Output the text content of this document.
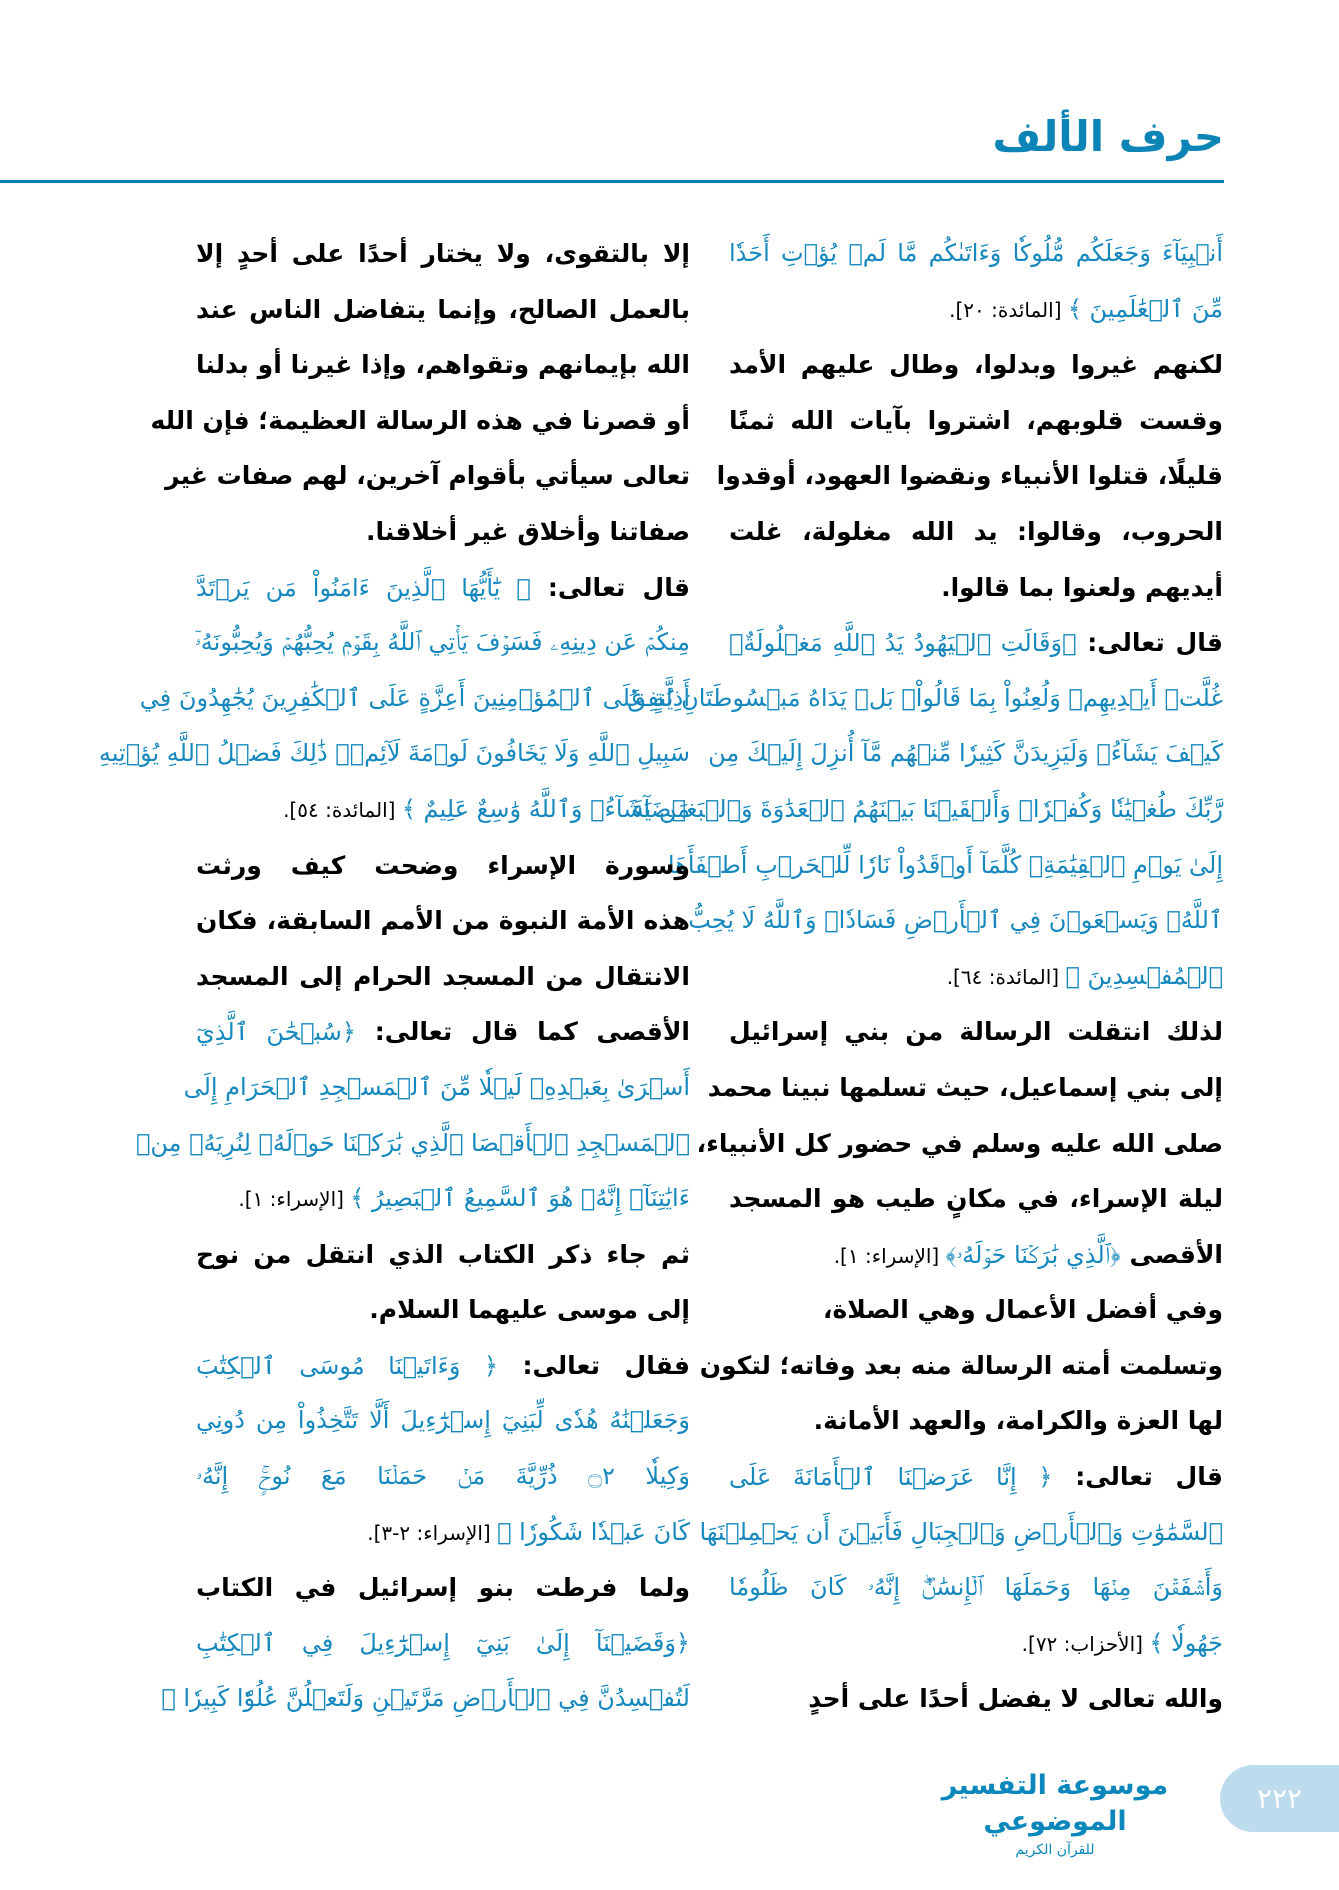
حرف الألف
أَنۢبِيَآءَ وَجَعَلَكُم مُّلُوكٗا وَءَاتَىٰكُم مَّا لَمۡ يُؤۡتِ أَحَدٗا
مِّنَ ٱلۡعَٰلَمِينَ ﴾ [المائدة: ٢٠].
لكنهم غيروا وبدلوا، وطال عليهم الأمد
وقست قلوبهم، اشتروا بآيات الله ثمنًا
قليلًا، قتلوا الأنبياء ونقضوا العهود، أوقدوا
الحروب، وقالوا: يد الله مغلولة، غلت
أيديهم ولعنوا بما قالوا.
قال تعالى: ﴿وَقَالَتِ ٱلۡيَهُودُ يَدُ ٱللَّهِ مَغۡلُولَةٌۚ
غُلَّتۡ أَيۡدِيهِمۡ وَلُعِنُواْ بِمَا قَالُواْۘ بَلۡ يَدَاهُ مَبۡسُوطَتَانِ يُنفِقُ
كَيۡفَ يَشَآءُۚ وَلَيَزِيدَنَّ كَثِيرٗا مِّنۡهُم مَّآ أُنزِلَ إِلَيۡكَ مِن
رَّبِّكَ طُغۡيَٰنٗا وَكُفۡرٗاۚ وَأَلۡقَيۡنَا بَيۡنَهُمُ ٱلۡعَدَٰوَةَ وَٱلۡبَغۡضَآءَ
إِلَىٰ يَوۡمِ ٱلۡقِيَٰمَةِۚ كُلَّمَآ أَوۡقَدُواْ نَارٗا لِّلۡحَرۡبِ أَطۡفَأَهَا
ٱللَّهُۚ وَيَسۡعَوۡنَ فِي ٱلۡأَرۡضِ فَسَادٗاۚ وَٱللَّهُ لَا يُحِبُّ
ٱلۡمُفۡسِدِينَ ﴾ [المائدة: ٦٤].
لذلك انتقلت الرسالة من بني إسرائيل
إلى بني إسماعيل، حيث تسلمها نبينا محمد
صلى الله عليه وسلم في حضور كل الأنبياء،
ليلة الإسراء، في مكانٍ طيب هو المسجد
الأقصى ﴿ٱلَّذِي بَٰرَكۡنَا حَوۡلَهُۥ﴾ [الإسراء: ١].
وفي أفضل الأعمال وهي الصلاة،
وتسلمت أمته الرسالة منه بعد وفاته؛ لتكون
لها العزة والكرامة، والعهد الأمانة.
قال تعالى: ﴿ إِنَّا عَرَضۡنَا ٱلۡأَمَانَةَ عَلَى
ٱلسَّمَٰوَٰتِ وَٱلۡأَرۡضِ وَٱلۡجِبَالِ فَأَبَيۡنَ أَن يَحۡمِلۡنَهَا
وَأَشۡفَقۡنَ مِنۡهَا وَحَمَلَهَا ٱلۡإِنسَٰنُۖ إِنَّهُۥ كَانَ ظَلُومٗا
جَهُولٗا ﴾ [الأحزاب: ٧٢].
والله تعالى لا يفضل أحدًا على أحدٍ
إلا بالتقوى، ولا يختار أحدًا على أحدٍ إلا
بالعمل الصالح، وإنما يتفاضل الناس عند
الله بإيمانهم وتقواهم، وإذا غيرنا أو بدلنا
أو قصرنا في هذه الرسالة العظيمة؛ فإن الله
تعالى سيأتي بأقوام آخرين، لهم صفات غير
صفاتنا وأخلاق غير أخلاقنا.
قال تعالى: ﴿ يَٰٓأَيُّهَا ٱلَّذِينَ ءَامَنُواْ مَن يَرۡتَدَّ
مِنكُمۡ عَن دِينِهِۦ فَسَوۡفَ يَأۡتِي ٱللَّهُ بِقَوۡمٖ يُحِبُّهُمۡ وَيُحِبُّونَهُۥٓ
أَذِلَّةٍ عَلَى ٱلۡمُؤۡمِنِينَ أَعِزَّةٍ عَلَى ٱلۡكَٰفِرِينَ يُجَٰهِدُونَ فِي
سَبِيلِ ٱللَّهِ وَلَا يَخَافُونَ لَوۡمَةَ لَآئِمٖۚ ذَٰلِكَ فَضۡلُ ٱللَّهِ يُؤۡتِيهِ
مَن يَشَآءُۚ وَٱللَّهُ وَٰسِعٌ عَلِيمٌ ﴾ [المائدة: ٥٤].
وسورة الإسراء وضحت كيف ورثت
هذه الأمة النبوة من الأمم السابقة، فكان
الانتقال من المسجد الحرام إلى المسجد
الأقصى كما قال تعالى: ﴿سُبۡحَٰنَ ٱلَّذِيٓ
أَسۡرَىٰ بِعَبۡدِهِۦ لَيۡلٗا مِّنَ ٱلۡمَسۡجِدِ ٱلۡحَرَامِ إِلَى
ٱلۡمَسۡجِدِ ٱلۡأَقۡصَا ٱلَّذِي بَٰرَكۡنَا حَوۡلَهُۥ لِنُرِيَهُۥ مِنۡ
ءَايَٰتِنَآۚ إِنَّهُۥ هُوَ ٱلسَّمِيعُ ٱلۡبَصِيرُ ﴾ [الإسراء: ١].
ثم جاء ذكر الكتاب الذي انتقل من نوح
إلى موسى عليهما السلام.
فقال تعالى: ﴿ وَءَاتَيۡنَا مُوسَى ٱلۡكِتَٰبَ
وَجَعَلۡنَٰهُ هُدٗى لِّبَنِيٓ إِسۡرَٰٓءِيلَ أَلَّا تَتَّخِذُواْ مِن دُونِي
وَكِيلٗا ۝٢ ذُرِّيَّةَ مَنۡ حَمَلۡنَا مَعَ نُوحٍۚ إِنَّهُۥ
كَانَ عَبۡدٗا شَكُورٗا ﴾ [الإسراء: ٢-٣].
ولما فرطت بنو إسرائيل في الكتاب
﴿وَقَضَيۡنَآ إِلَىٰ بَنِيٓ إِسۡرَٰٓءِيلَ فِي ٱلۡكِتَٰبِ
لَتُفۡسِدُنَّ فِي ٱلۡأَرۡضِ مَرَّتَيۡنِ وَلَتَعۡلُنَّ عُلُوّٗا كَبِيرٗا ﴾
موسوعة التفسير الموضوعي
للقرآن الكريم
٢٢٢
